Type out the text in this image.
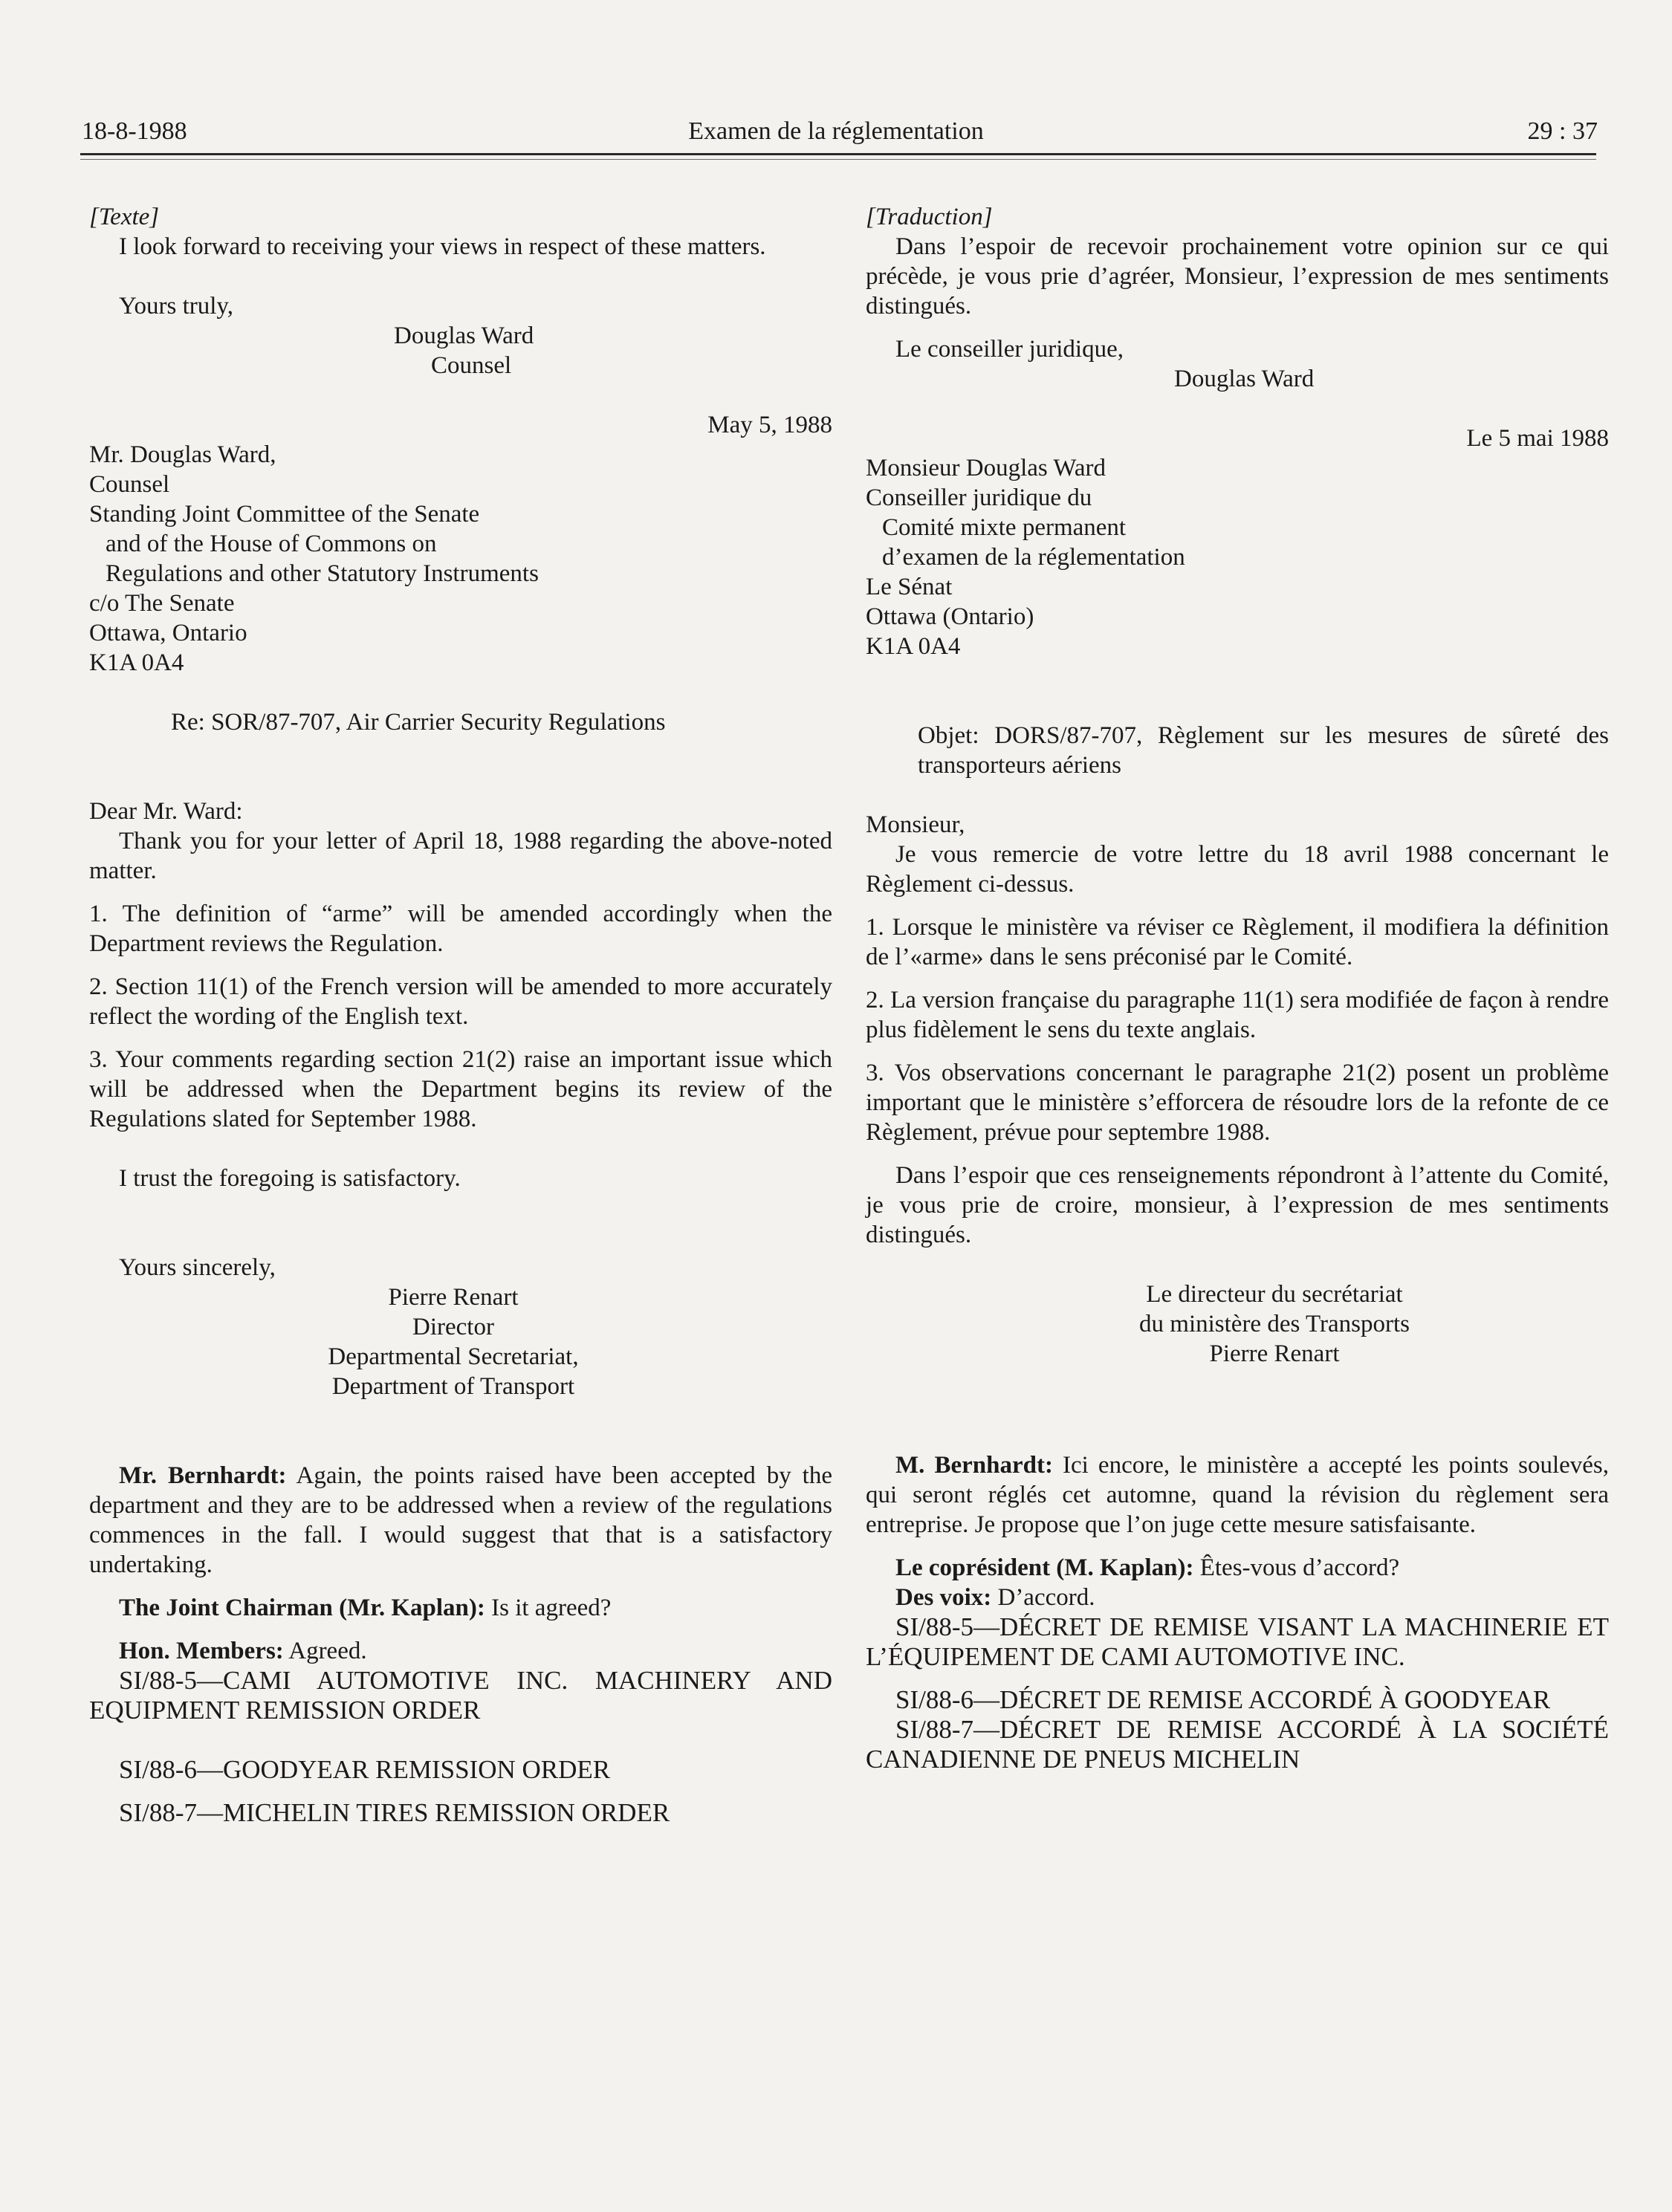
18-8-1988	Examen de la réglementation	29 : 37

[Texte]

I look forward to receiving your views in respect of these matters.

Yours truly,

Douglas Ward

Counsel

May 5, 1988

Mr. Douglas Ward,

Counsel

Standing Joint Committee of the Senate

and of the House of Commons on

Regulations and other Statutory Instruments

c/o The Senate

Ottawa, Ontario

K1A 0A4

Re: SOR/87-707, Air Carrier Security Regulations

Dear Mr. Ward:

Thank you for your letter of April 18, 1988 regarding the above-noted matter.

1. The definition of “arme” will be amended accordingly when the Department reviews the Regulation.

2. Section 11(1) of the French version will be amended to more accurately reflect the wording of the English text.

3. Your comments regarding section 21(2) raise an important issue which will be addressed when the Department begins its review of the Regulations slated for September 1988.

I trust the foregoing is satisfactory.

Yours sincerely,

Pierre Renart

Director

Departmental Secretariat,

Department of Transport

Mr. Bernhardt: Again, the points raised have been accepted by the department and they are to be addressed when a review of the regulations commences in the fall. I would suggest that that is a satisfactory undertaking.

The Joint Chairman (Mr. Kaplan): Is it agreed?

Hon. Members: Agreed.

SI/88-5—CAMI AUTOMOTIVE INC. MACHINERY AND EQUIPMENT REMISSION ORDER

SI/88-6—GOODYEAR REMISSION ORDER

SI/88-7—MICHELIN TIRES REMISSION ORDER

[Traduction]

Dans l’espoir de recevoir prochainement votre opinion sur ce qui précède, je vous prie d’agréer, Monsieur, l’expression de mes sentiments distingués.

Le conseiller juridique,

Douglas Ward

Le 5 mai 1988

Monsieur Douglas Ward

Conseiller juridique du

Comité mixte permanent

d’examen de la réglementation

Le Sénat

Ottawa (Ontario)

K1A 0A4

Objet: DORS/87-707, Règlement sur les mesures de sûreté des transporteurs aériens

Monsieur,

Je vous remercie de votre lettre du 18 avril 1988 concernant le Règlement ci-dessus.

1. Lorsque le ministère va réviser ce Règlement, il modifiera la définition de l’«arme» dans le sens préconisé par le Comité.

2. La version française du paragraphe 11(1) sera modifiée de façon à rendre plus fidèlement le sens du texte anglais.

3. Vos observations concernant le paragraphe 21(2) posent un problème important que le ministère s’efforcera de résoudre lors de la refonte de ce Règlement, prévue pour septembre 1988.

Dans l’espoir que ces renseignements répondront à l’attente du Comité, je vous prie de croire, monsieur, à l’expression de mes sentiments distingués.

Le directeur du secrétariat

du ministère des Transports

Pierre Renart

M. Bernhardt: Ici encore, le ministère a accepté les points soulevés, qui seront réglés cet automne, quand la révision du règlement sera entreprise. Je propose que l’on juge cette mesure satisfaisante.

Le coprésident (M. Kaplan): Êtes-vous d’accord?

Des voix: D’accord.

SI/88-5—DÉCRET DE REMISE VISANT LA MACHINERIE ET L’ÉQUIPEMENT DE CAMI AUTOMOTIVE INC.

SI/88-6—DÉCRET DE REMISE ACCORDÉ À GOODYEAR

SI/88-7—DÉCRET DE REMISE ACCORDÉ À LA SOCIÉTÉ CANADIENNE DE PNEUS MICHELIN
